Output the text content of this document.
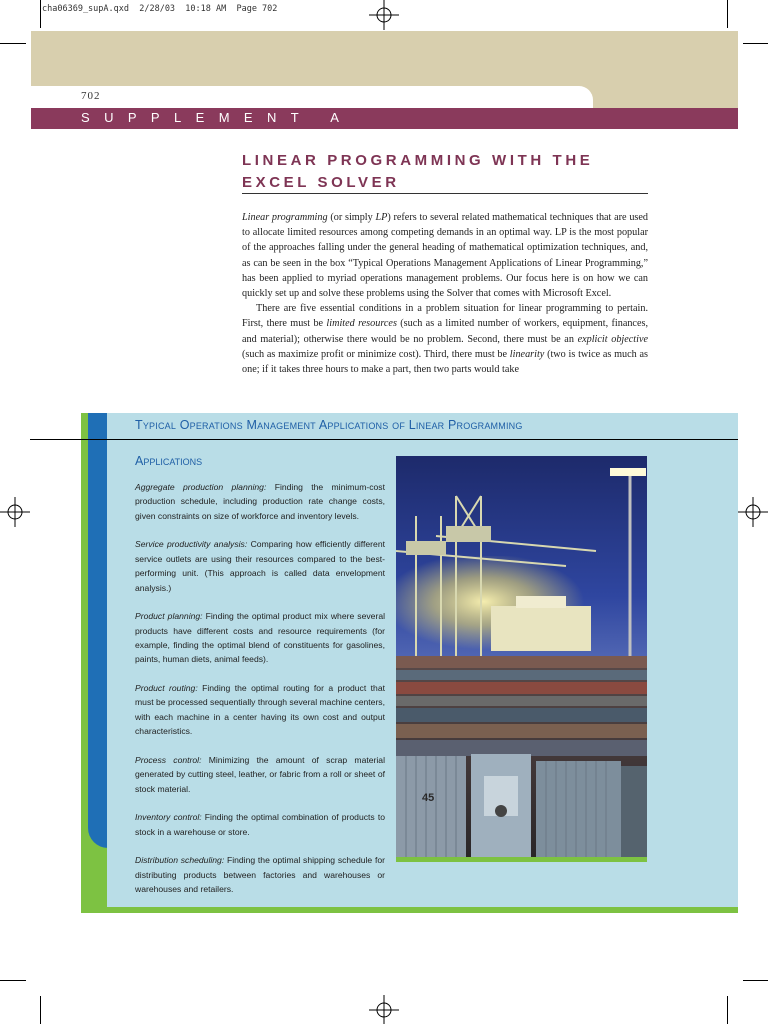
cha06369_supA.qxd  2/28/03  10:18 AM  Page 702
702
SUPPLEMENT A
LINEAR PROGRAMMING WITH THE EXCEL SOLVER

Linear programming (or simply LP) refers to several related mathematical techniques that are used to allocate limited resources among competing demands in an optimal way. LP is the most popular of the approaches falling under the general heading of mathematical optimization techniques, and, as can be seen in the box “Typical Operations Management Applications of Linear Programming,” has been applied to myriad operations management problems. Our focus here is on how we can quickly set up and solve these problems using the Solver that comes with Microsoft Excel.

There are five essential conditions in a problem situation for linear programming to pertain. First, there must be limited resources (such as a limited number of workers, equipment, finances, and material); otherwise there would be no problem. Second, there must be an explicit objective (such as maximize profit or minimize cost). Third, there must be linearity (two is twice as much as one; if it takes three hours to make a part, then two parts would take

Typical Operations Management Applications of Linear Programming
Applications
Aggregate production planning: Finding the minimum-cost production schedule, including production rate change costs, given constraints on size of workforce and inventory levels.
Service productivity analysis: Comparing how efficiently different service outlets are using their resources compared to the best-performing unit. (This approach is called data envelopment analysis.)
Product planning: Finding the optimal product mix where several products have different costs and resource requirements (for example, finding the optimal blend of constituents for gasolines, paints, human diets, animal feeds).
Product routing: Finding the optimal routing for a product that must be processed sequentially through several machine centers, with each machine in a center having its own cost and output characteristics.
Process control: Minimizing the amount of scrap material generated by cutting steel, leather, or fabric from a roll or sheet of stock material.
Inventory control: Finding the optimal combination of products to stock in a warehouse or store.
Distribution scheduling: Finding the optimal shipping schedule for distributing products between factories and warehouses or warehouses and retailers.
45
